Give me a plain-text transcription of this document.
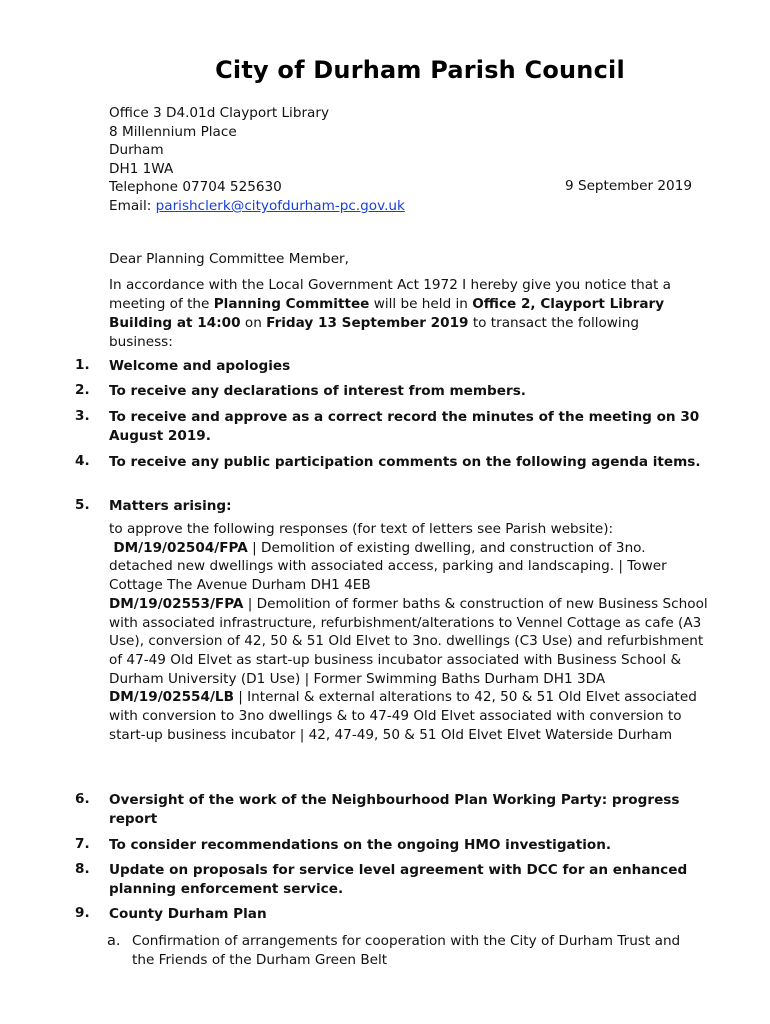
City of Durham Parish Council
Office 3 D4.01d Clayport Library
8 Millennium Place
Durham
DH1 1WA
Telephone 07704 525630
Email: parishclerk@cityofdurham-pc.gov.uk
9 September 2019
Dear Planning Committee Member,
In accordance with the Local Government Act 1972 I hereby give you notice that a meeting of the Planning Committee will be held in Office 2, Clayport Library Building at 14:00 on Friday 13 September 2019 to transact the following business:
1. Welcome and apologies
2. To receive any declarations of interest from members.
3. To receive and approve as a correct record the minutes of the meeting on 30 August 2019.
4. To receive any public participation comments on the following agenda items.
5. Matters arising:

to approve the following responses (for text of letters see Parish website):

DM/19/02504/FPA | Demolition of existing dwelling, and construction of 3no. detached new dwellings with associated access, parking and landscaping. | Tower Cottage The Avenue Durham DH1 4EB

DM/19/02553/FPA | Demolition of former baths & construction of new Business School with associated infrastructure, refurbishment/alterations to Vennel Cottage as cafe (A3 Use), conversion of 42, 50 & 51 Old Elvet to 3no. dwellings (C3 Use) and refurbishment of 47-49 Old Elvet as start-up business incubator associated with Business School & Durham University (D1 Use) | Former Swimming Baths Durham DH1 3DA

DM/19/02554/LB | Internal & external alterations to 42, 50 & 51 Old Elvet associated with conversion to 3no dwellings & to 47-49 Old Elvet associated with conversion to start-up business incubator | 42, 47-49, 50 & 51 Old Elvet Elvet Waterside Durham

6. Oversight of the work of the Neighbourhood Plan Working Party: progress report
7. To consider recommendations on the ongoing HMO investigation.
8. Update on proposals for service level agreement with DCC for an enhanced planning enforcement service.
9. County Durham Plan
a. Confirmation of arrangements for cooperation with the City of Durham Trust and the Friends of the Durham Green Belt
